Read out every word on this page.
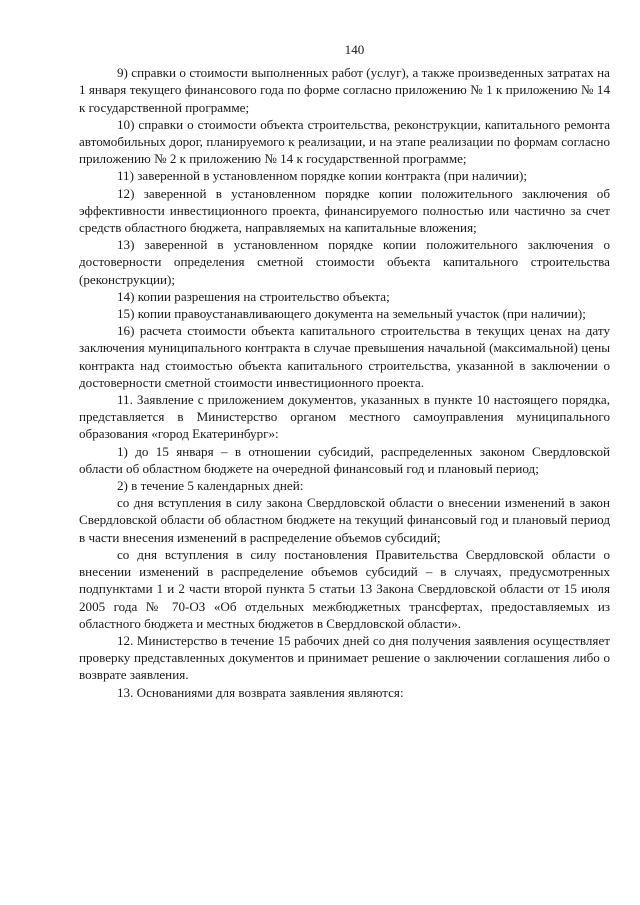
140

9) справки о стоимости выполненных работ (услуг), а также произведенных затратах на 1 января текущего финансового года по форме согласно приложению № 1 к приложению № 14 к государственной программе;

10) справки о стоимости объекта строительства, реконструкции, капитального ремонта автомобильных дорог, планируемого к реализации, и на этапе реализации по формам согласно приложению № 2 к приложению № 14 к государственной программе;

11) заверенной в установленном порядке копии контракта (при наличии);

12) заверенной в установленном порядке копии положительного заключения об эффективности инвестиционного проекта, финансируемого полностью или частично за счет средств областного бюджета, направляемых на капитальные вложения;

13) заверенной в установленном порядке копии положительного заключения о достоверности определения сметной стоимости объекта капитального строительства (реконструкции);

14) копии разрешения на строительство объекта;

15) копии правоустанавливающего документа на земельный участок (при наличии);

16) расчета стоимости объекта капитального строительства в текущих ценах на дату заключения муниципального контракта в случае превышения начальной (максимальной) цены контракта над стоимостью объекта капитального строительства, указанной в заключении о достоверности сметной стоимости инвестиционного проекта.

11. Заявление с приложением документов, указанных в пункте 10 настоящего порядка, представляется в Министерство органом местного самоуправления муниципального образования «город Екатеринбург»:

1) до 15 января – в отношении субсидий, распределенных законом Свердловской области об областном бюджете на очередной финансовый год и плановый период;

2) в течение 5 календарных дней:

со дня вступления в силу закона Свердловской области о внесении изменений в закон Свердловской области об областном бюджете на текущий финансовый год и плановый период в части внесения изменений в распределение объемов субсидий;

со дня вступления в силу постановления Правительства Свердловской области о внесении изменений в распределение объемов субсидий – в случаях, предусмотренных подпунктами 1 и 2 части второй пункта 5 статьи 13 Закона Свердловской области от 15 июля 2005 года № 70-ОЗ «Об отдельных межбюджетных трансфертах, предоставляемых из областного бюджета и местных бюджетов в Свердловской области».

12. Министерство в течение 15 рабочих дней со дня получения заявления осуществляет проверку представленных документов и принимает решение о заключении соглашения либо о возврате заявления.

13. Основаниями для возврата заявления являются:
